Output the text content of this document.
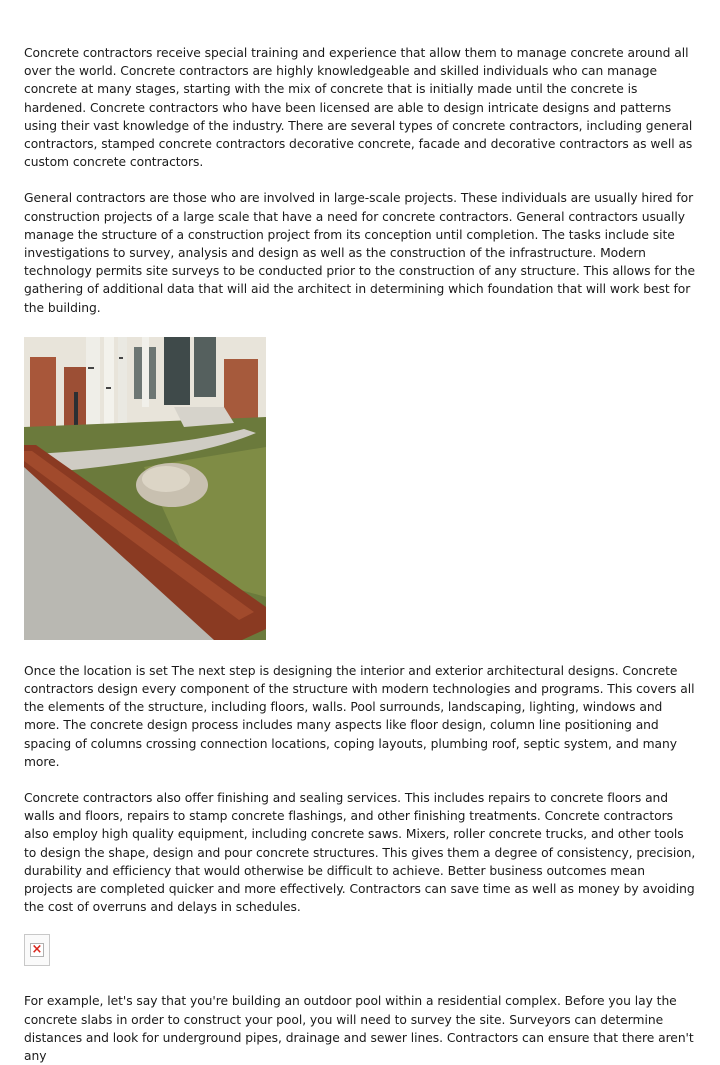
Concrete contractors receive special training and experience that allow them to manage concrete around all over the world. Concrete contractors are highly knowledgeable and skilled individuals who can manage concrete at many stages, starting with the mix of concrete that is initially made until the concrete is hardened. Concrete contractors who have been licensed are able to design intricate designs and patterns using their vast knowledge of the industry. There are several types of concrete contractors, including general contractors, stamped concrete contractors decorative concrete, facade and decorative contractors as well as custom concrete contractors.

General contractors are those who are involved in large-scale projects. These individuals are usually hired for construction projects of a large scale that have a need for concrete contractors. General contractors usually manage the structure of a construction project from its conception until completion. The tasks include site investigations to survey, analysis and design as well as the construction of the infrastructure. Modern technology permits site surveys to be conducted prior to the construction of any structure. This allows for the gathering of additional data that will aid the architect in determining which foundation that will work best for the building.

Once the location is set The next step is designing the interior and exterior architectural designs. Concrete contractors design every component of the structure with modern technologies and programs. This covers all the elements of the structure, including floors, walls. Pool surrounds, landscaping, lighting, windows and more. The concrete design process includes many aspects like floor design, column line positioning and spacing of columns crossing connection locations, coping layouts, plumbing roof, septic system, and many more.

Concrete contractors also offer finishing and sealing services. This includes repairs to concrete floors and walls and floors, repairs to stamp concrete flashings, and other finishing treatments. Concrete contractors also employ high quality equipment, including concrete saws. Mixers, roller concrete trucks, and other tools to design the shape, design and pour concrete structures. This gives them a degree of consistency, precision, durability and efficiency that would otherwise be difficult to achieve. Better business outcomes mean projects are completed quicker and more effectively. Contractors can save time as well as money by avoiding the cost of overruns and delays in schedules.

×

For example, let's say that you're building an outdoor pool within a residential complex. Before you lay the concrete slabs in order to construct your pool, you will need to survey the site. Surveyors can determine distances and look for underground pipes, drainage and sewer lines. Contractors can ensure that there aren't any
